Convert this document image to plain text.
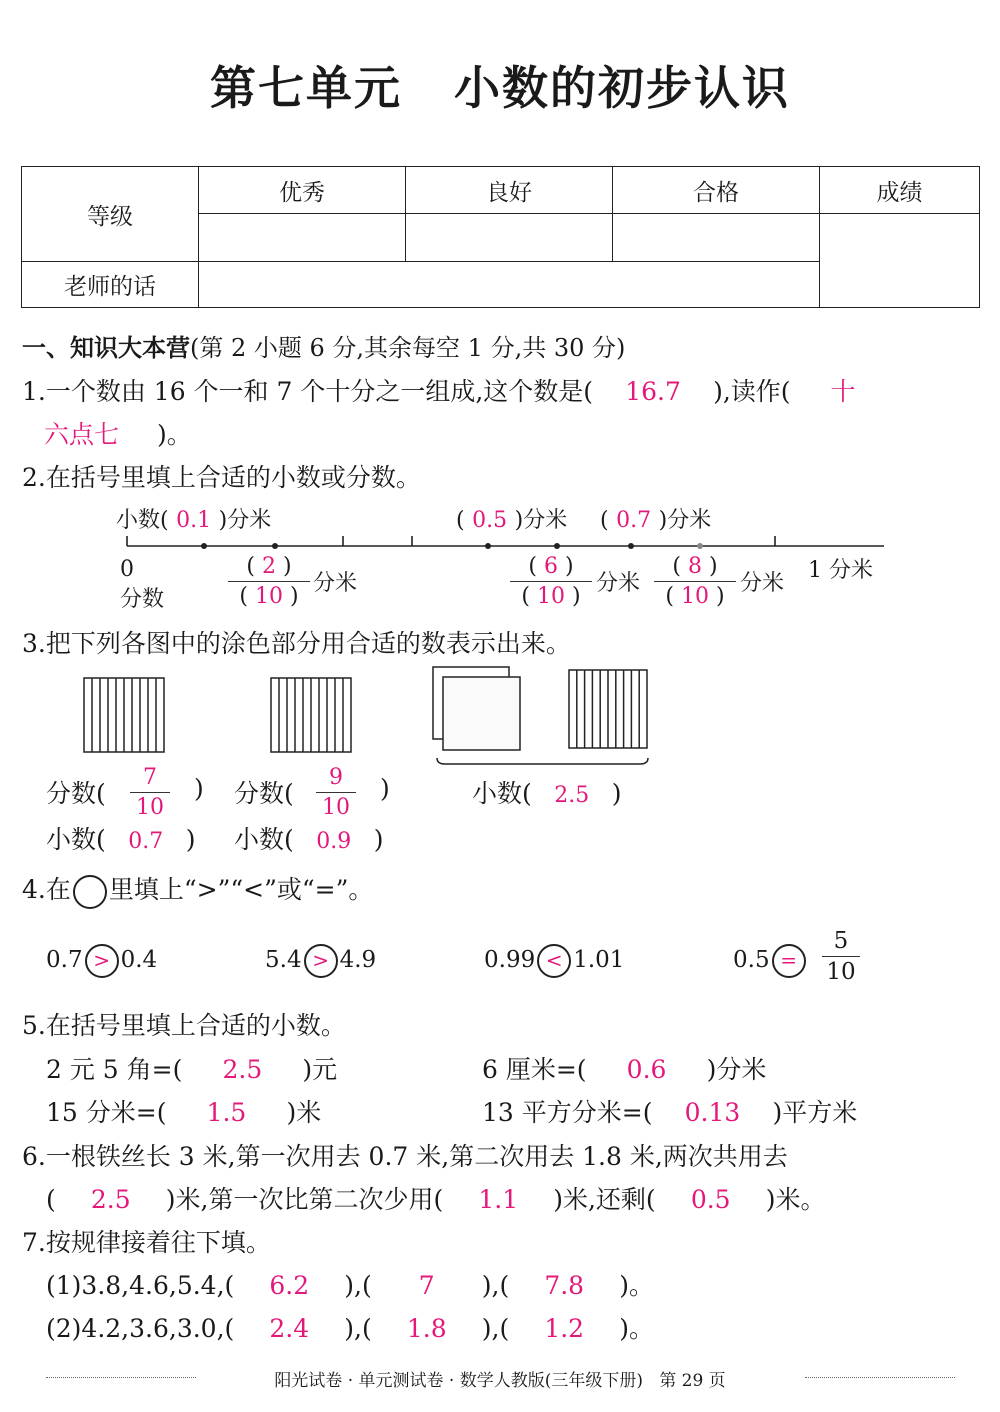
第七单元 小数的初步认识
等级	优秀	良好	合格	成绩

老师的话				
一、知识大本营(第 2 小题 6 分,其余每空 1 分,共 30 分)
1.一个数由 16 个一和 7 个十分之一组成,这个数是( 16.7 ),读作( 十
六点七 )。
2.在括号里填上合适的小数或分数。
小数( 0.1 )分米	( 0.5 )分米 ( 0.7 )分米
0
分数
1 分米
( 2 )
( 10 )
分米
( 6 )
( 10 )
分米
( 8 )
( 10 )
分米
3.把下列各图中的涂色部分用合适的数表示出来。
分数(
7
10
)
小数( 0.7 )
分数(
9
10
)
小数( 0.9 )
小数( 2.5 )
4.在 里填上“>”“<”或“=”。
0.7 > 0.4	5.4 > 4.9	0.99 < 1.01	0.5 =
5
10
5.在括号里填上合适的小数。
2 元 5 角=( 2.5 )元	6 厘米=( 0.6 )分米
15 分米=( 1.5 )米	13 平方分米=( 0.13 )平方米
6.一根铁丝长 3 米,第一次用去 0.7 米,第二次用去 1.8 米,两次共用去
( 2.5 )米,第一次比第二次少用( 1.1 )米,还剩( 0.5 )米。
7.按规律接着往下填。
(1)3.8,4.6,5.4,( 6.2 ),( 7 ),( 7.8 )。
(2)4.2,3.6,3.0,( 2.4 ),( 1.8 ),( 1.2 )。
阳光试卷 · 单元测试卷 · 数学人教版(三年级下册) 第 29 页
